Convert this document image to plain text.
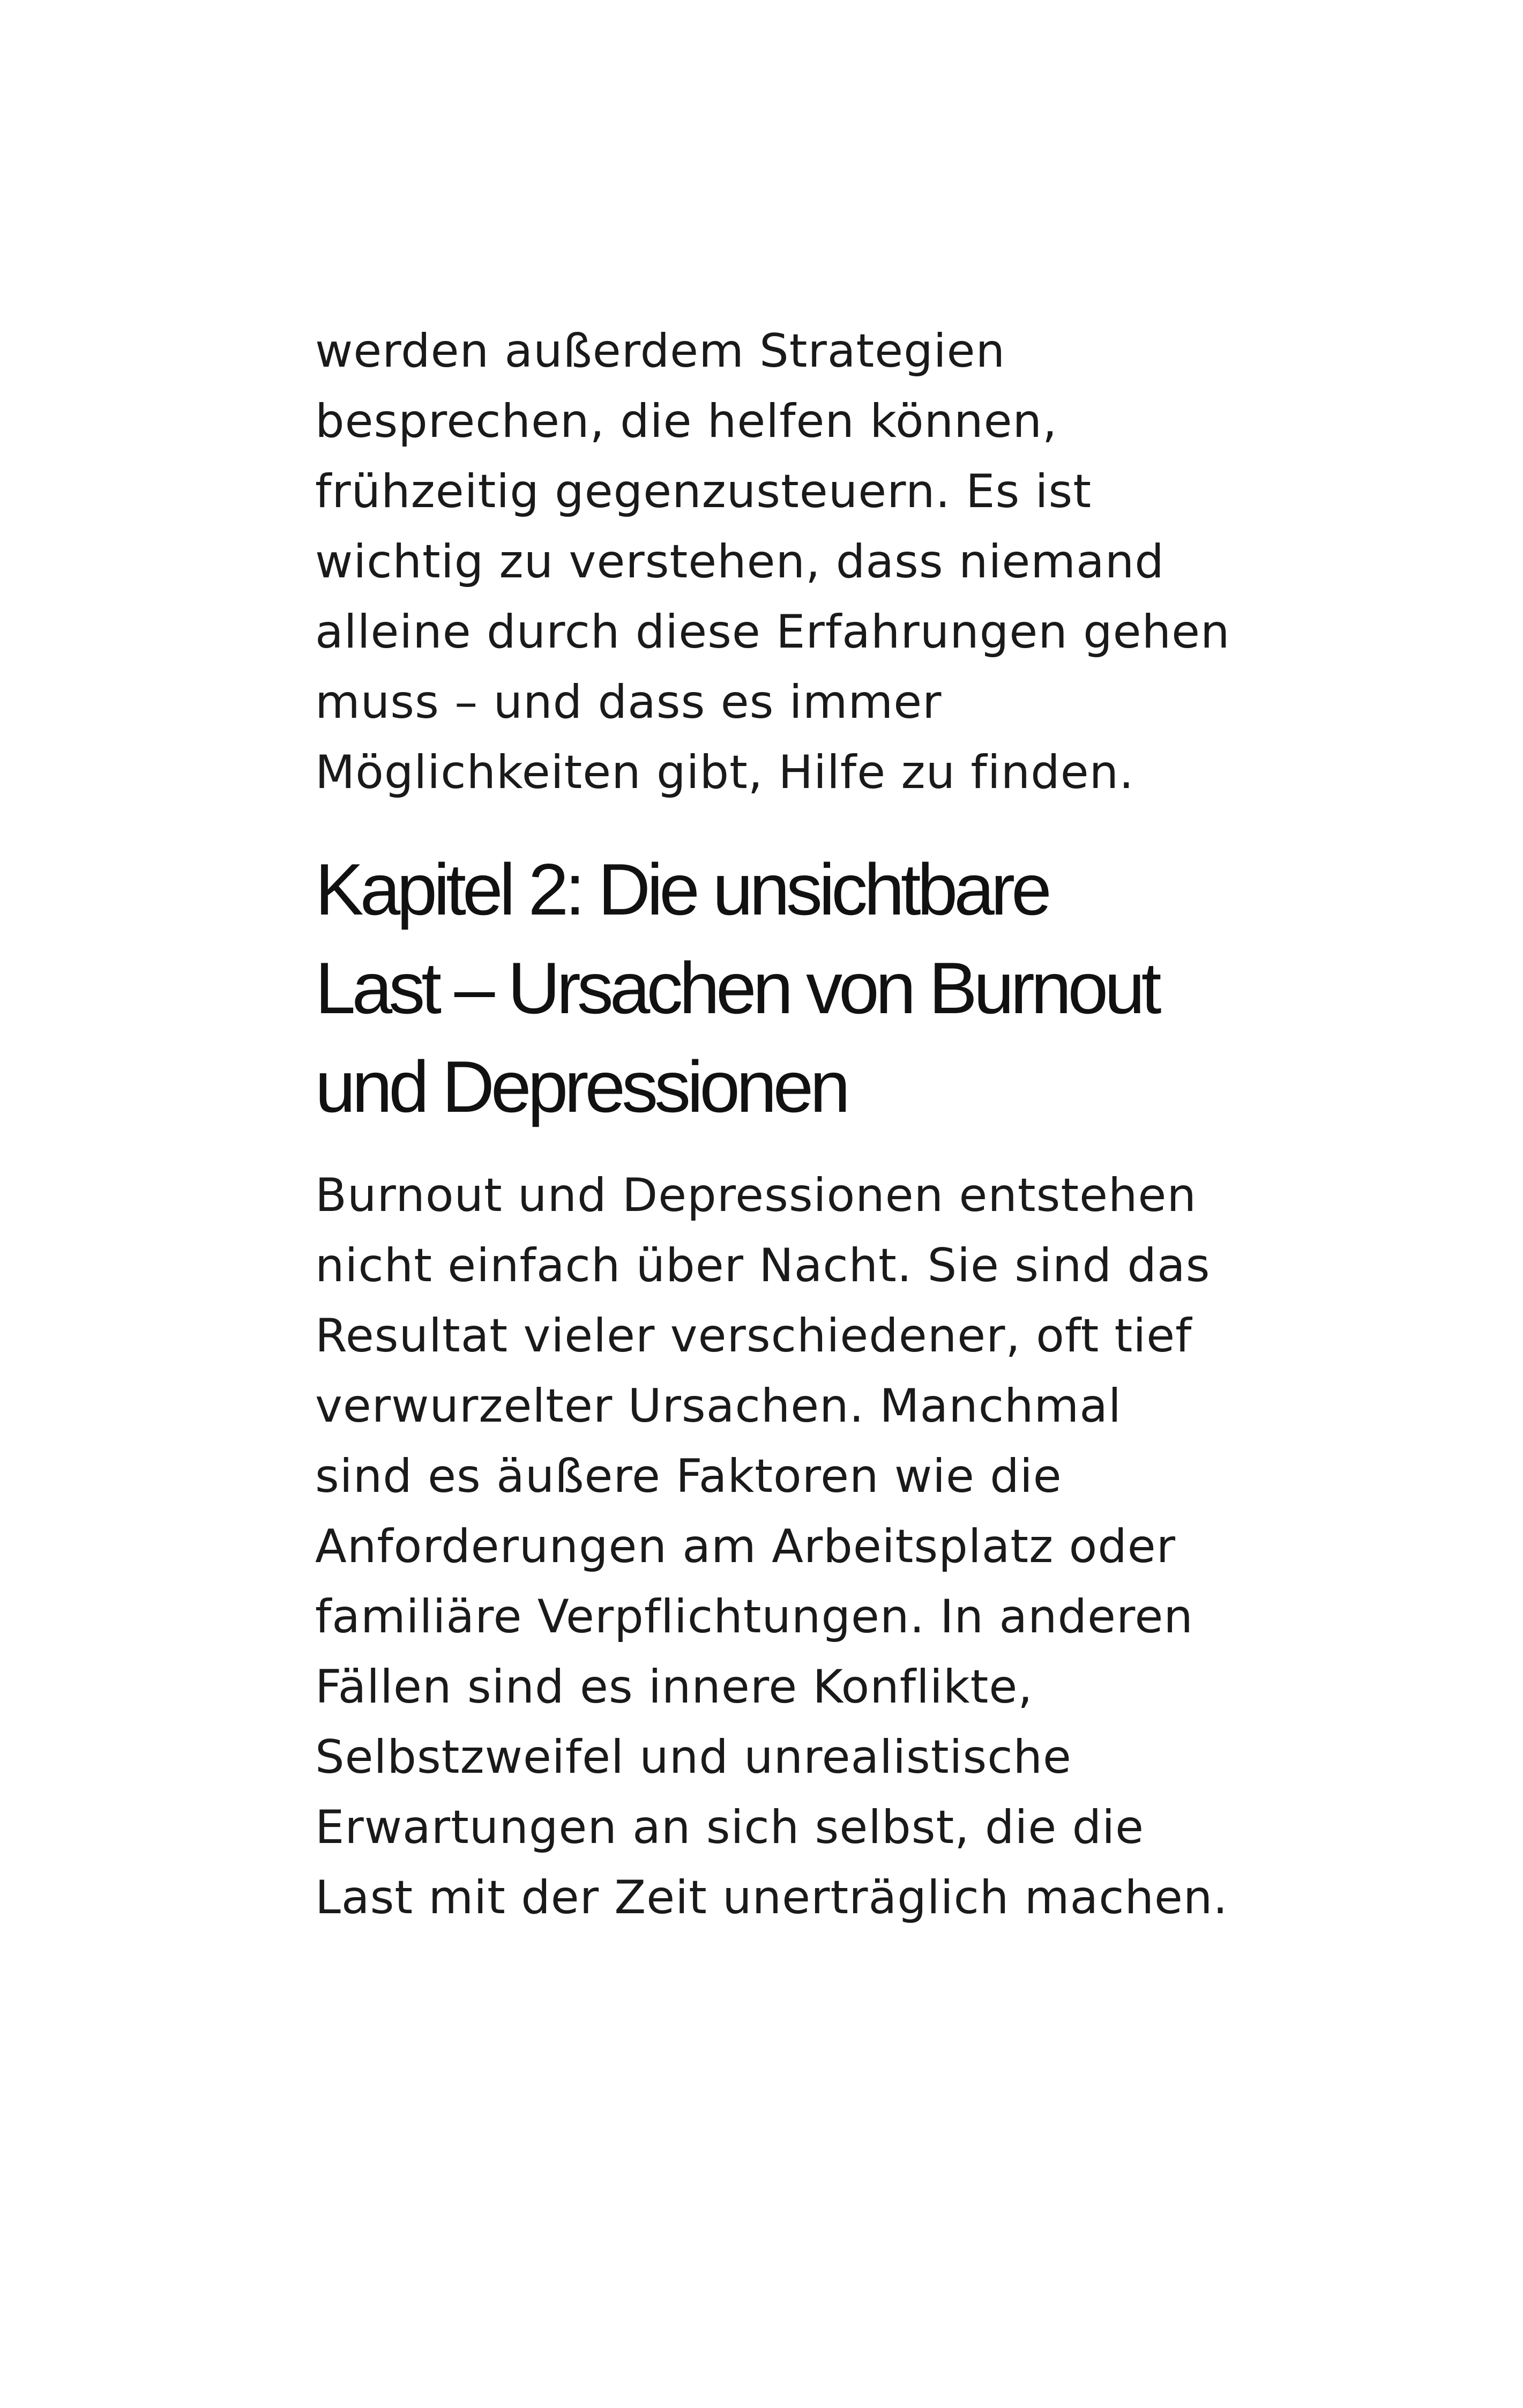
werden außerdem Strategien
besprechen, die helfen können,
frühzeitig gegenzusteuern. Es ist
wichtig zu verstehen, dass niemand
alleine durch diese Erfahrungen gehen
muss – und dass es immer
Möglichkeiten gibt, Hilfe zu finden.

Kapitel 2: Die unsichtbare
Last – Ursachen von Burnout
und Depressionen

Burnout und Depressionen entstehen
nicht einfach über Nacht. Sie sind das
Resultat vieler verschiedener, oft tief
verwurzelter Ursachen. Manchmal
sind es äußere Faktoren wie die
Anforderungen am Arbeitsplatz oder
familiäre Verpflichtungen. In anderen
Fällen sind es innere Konflikte,
Selbstzweifel und unrealistische
Erwartungen an sich selbst, die die
Last mit der Zeit unerträglich machen.
